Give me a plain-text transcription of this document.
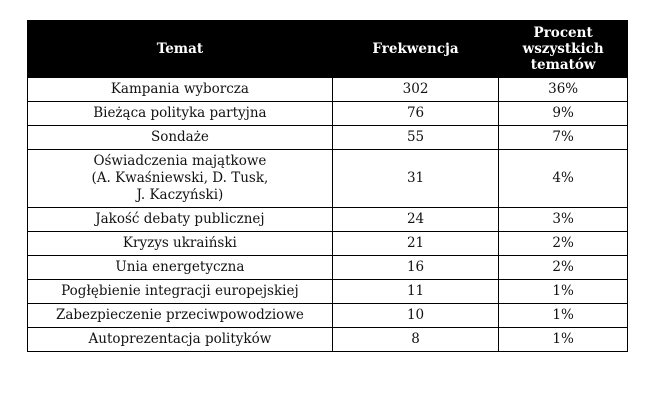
Temat	Frekwencja	Procent wszystkich tematów
Kampania wyborcza	302	36%
Bieżąca polityka partyjna	76	9%
Sondaże	55	7%
Oświadczenia majątkowe
(A. Kwaśniewski, D. Tusk,
J. Kaczyński)	31	4%
Jakość debaty publicznej	24	3%
Kryzys ukraiński	21	2%
Unia energetyczna	16	2%
Pogłębienie integracji europejskiej	11	1%
Zabezpieczenie przeciwpowodziowe	10	1%
Autoprezentacja polityków	8	1%
